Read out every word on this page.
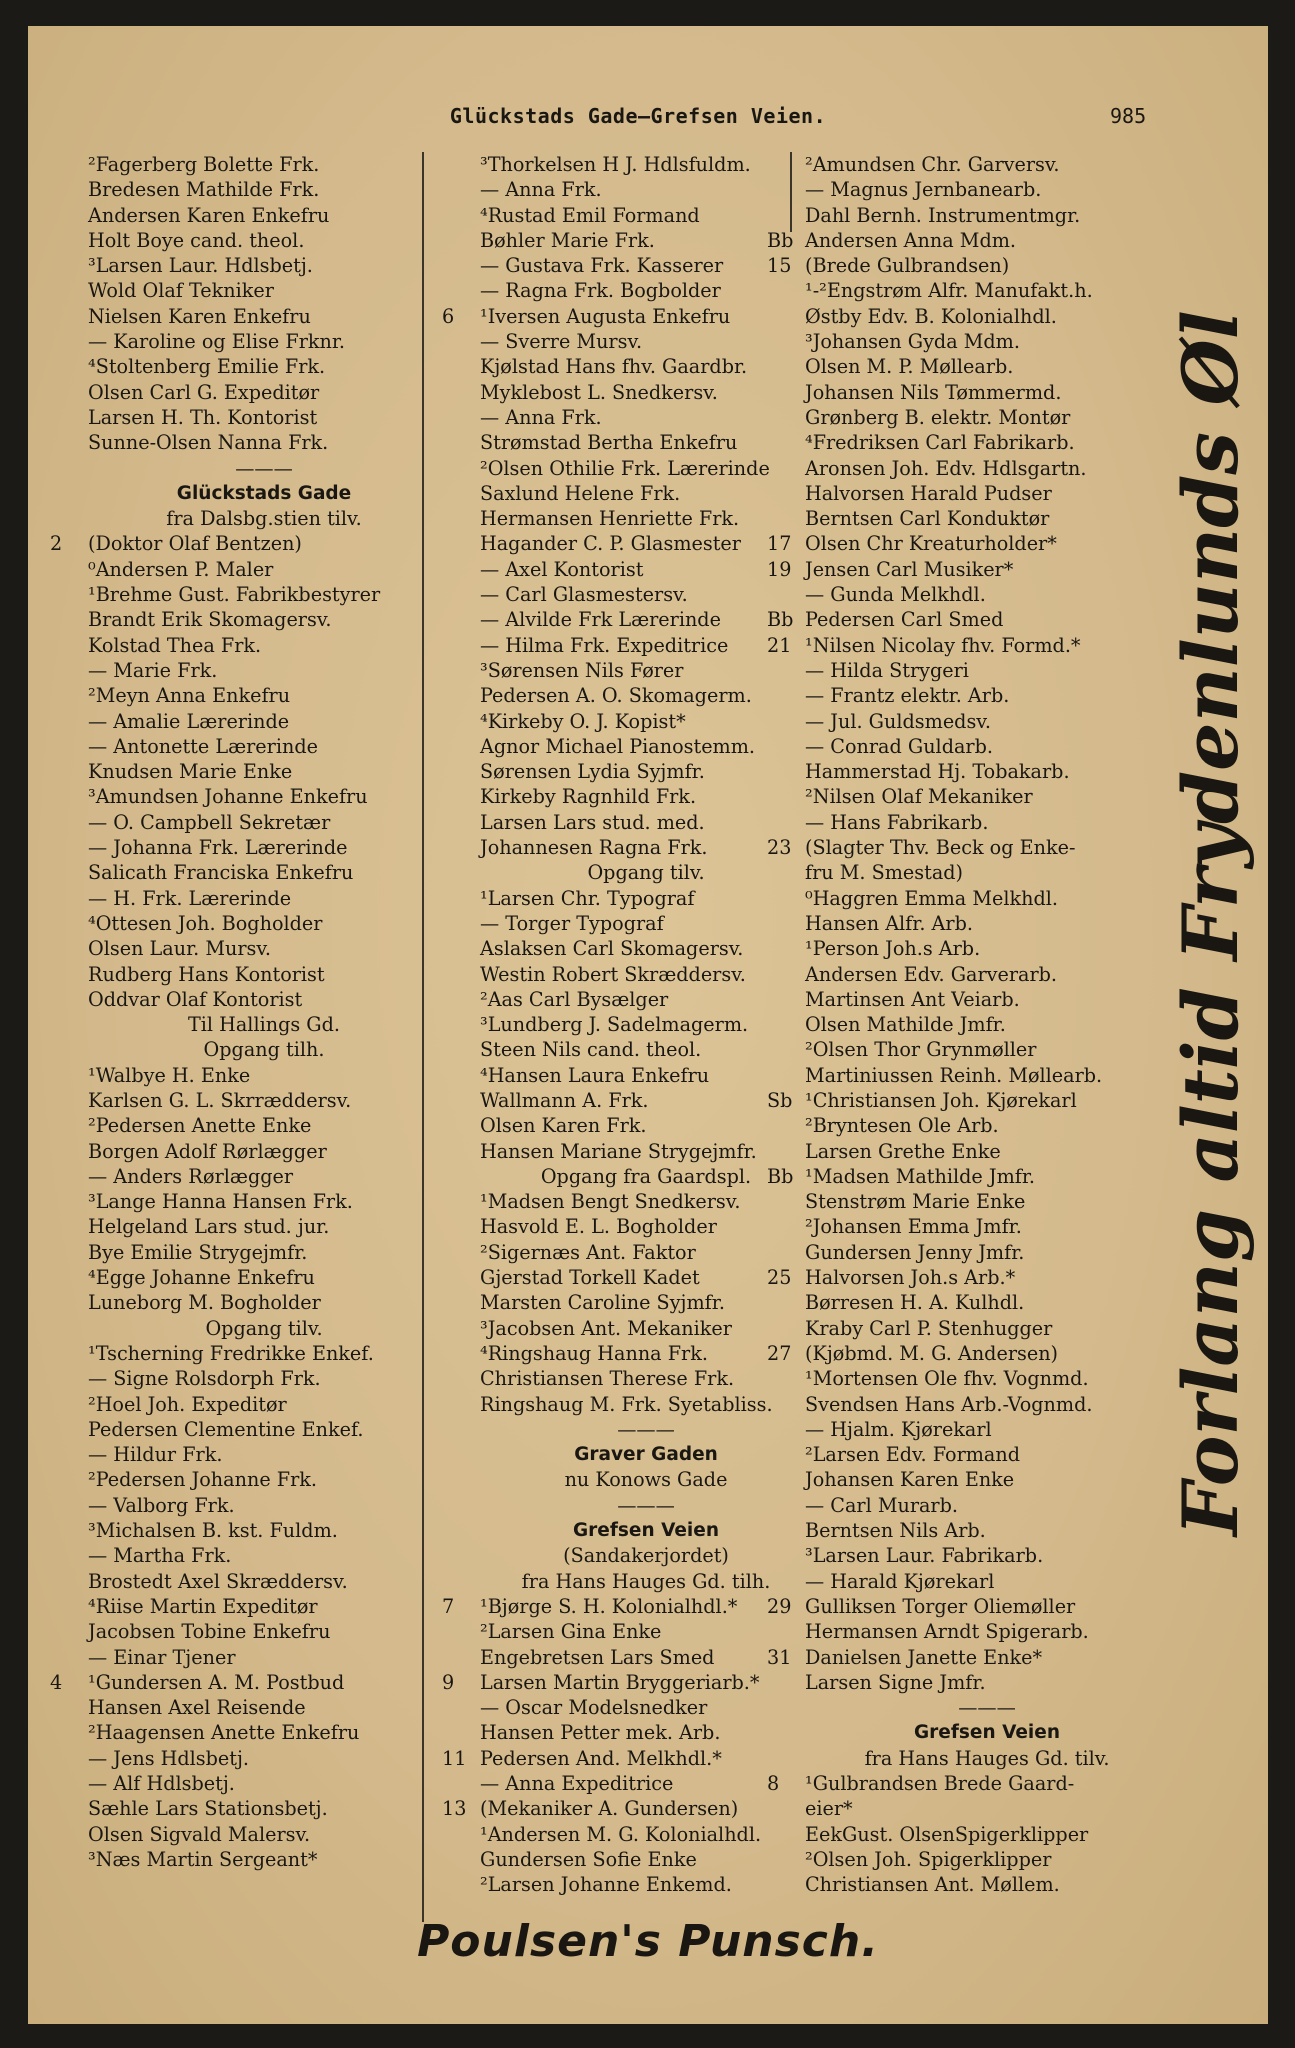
Glückstads Gade—Grefsen Veien.	985
²Fagerberg Bolette Frk.
Bredesen Mathilde Frk.
Andersen Karen Enkefru
Holt Boye cand. theol.
³Larsen Laur. Hdlsbetj.
Wold Olaf Tekniker
Nielsen Karen Enkefru
— Karoline og Elise Frknr.
⁴Stoltenberg Emilie Frk.
Olsen Carl G. Expeditør
Larsen H. Th. Kontorist
Sunne-Olsen Nanna Frk.
———
Glückstads Gade
fra Dalsbg.stien tilv.
2	(Doktor Olaf Bentzen)
⁰Andersen P. Maler
¹Brehme Gust. Fabrikbestyrer
Brandt Erik Skomagersv.
Kolstad Thea Frk.
— Marie Frk.
²Meyn Anna Enkefru
— Amalie Lærerinde
— Antonette Lærerinde
Knudsen Marie Enke
³Amundsen Johanne Enkefru
— O. Campbell Sekretær
— Johanna Frk. Lærerinde
Salicath Franciska Enkefru
— H. Frk. Lærerinde
⁴Ottesen Joh. Bogholder
Olsen Laur. Mursv.
Rudberg Hans Kontorist
Oddvar Olaf Kontorist
Til Hallings Gd.
Opgang tilh.
¹Walbye H. Enke
Karlsen G. L. Skrræddersv.
²Pedersen Anette Enke
Borgen Adolf Rørlægger
— Anders Rørlægger
³Lange Hanna Hansen Frk.
Helgeland Lars stud. jur.
Bye Emilie Strygejmfr.
⁴Egge Johanne Enkefru
Luneborg M. Bogholder
Opgang tilv.
¹Tscherning Fredrikke Enkef.
— Signe Rolsdorph Frk.
²Hoel Joh. Expeditør
Pedersen Clementine Enkef.
— Hildur Frk.
²Pedersen Johanne Frk.
— Valborg Frk.
³Michalsen B. kst. Fuldm.
— Martha Frk.
Brostedt Axel Skræddersv.
⁴Riise Martin Expeditør
Jacobsen Tobine Enkefru
— Einar Tjener
4	¹Gundersen A. M. Postbud
Hansen Axel Reisende
²Haagensen Anette Enkefru
— Jens Hdlsbetj.
— Alf Hdlsbetj.
Sæhle Lars Stationsbetj.
Olsen Sigvald Malersv.
³Næs Martin Sergeant*
³Thorkelsen H J. Hdlsfuldm.
— Anna Frk.
⁴Rustad Emil Formand
Bøhler Marie Frk.
— Gustava Frk. Kasserer
— Ragna Frk. Bogbolder
6	¹Iversen Augusta Enkefru
— Sverre Mursv.
Kjølstad Hans fhv. Gaardbr.
Myklebost L. Snedkersv.
— Anna Frk.
Strømstad Bertha Enkefru
²Olsen Othilie Frk. Lærerinde
Saxlund Helene Frk.
Hermansen Henriette Frk.
Hagander C. P. Glasmester
— Axel Kontorist
— Carl Glasmestersv.
— Alvilde Frk Lærerinde
— Hilma Frk. Expeditrice
³Sørensen Nils Fører
Pedersen A. O. Skomagerm.
⁴Kirkeby O. J. Kopist*
Agnor Michael Pianostemm.
Sørensen Lydia Syjmfr.
Kirkeby Ragnhild Frk.
Larsen Lars stud. med.
Johannesen Ragna Frk.
Opgang tilv.
¹Larsen Chr. Typograf
— Torger Typograf
Aslaksen Carl Skomagersv.
Westin Robert Skræddersv.
²Aas Carl Bysælger
³Lundberg J. Sadelmagerm.
Steen Nils cand. theol.
⁴Hansen Laura Enkefru
Wallmann A. Frk.
Olsen Karen Frk.
Hansen Mariane Strygejmfr.
Opgang fra Gaardspl.
¹Madsen Bengt Snedkersv.
Hasvold E. L. Bogholder
²Sigernæs Ant. Faktor
Gjerstad Torkell Kadet
Marsten Caroline Syjmfr.
³Jacobsen Ant. Mekaniker
⁴Ringshaug Hanna Frk.
Christiansen Therese Frk.
Ringshaug M. Frk. Syetabliss.
———
Graver Gaden
nu Konows Gade
———
Grefsen Veien
(Sandakerjordet)
fra Hans Hauges Gd. tilh.
7	¹Bjørge S. H. Kolonialhdl.*
²Larsen Gina Enke
Engebretsen Lars Smed
9	Larsen Martin Bryggeriarb.*
— Oscar Modelsnedker
Hansen Petter mek. Arb.
11 Pedersen And. Melkhdl.*
— Anna Expeditrice
13 (Mekaniker A. Gundersen)
¹Andersen M. G. Kolonialhdl.
Gundersen Sofie Enke
²Larsen Johanne Enkemd.
²Amundsen Chr. Garversv.
— Magnus Jernbanearb.
Dahl Bernh. Instrumentmgr.
Bb Andersen Anna Mdm.
15 (Brede Gulbrandsen)
¹-²Engstrøm Alfr. Manufakt.h.
Østby Edv. B. Kolonialhdl.
³Johansen Gyda Mdm.
Olsen M. P. Møllearb.
Johansen Nils Tømmermd.
Grønberg B. elektr. Montør
⁴Fredriksen Carl Fabrikarb.
Aronsen Joh. Edv. Hdlsgartn.
Halvorsen Harald Pudser
Berntsen Carl Konduktør
17 Olsen Chr Kreaturholder*
19 Jensen Carl Musiker*
— Gunda Melkhdl.
Bb Pedersen Carl Smed
21 ¹Nilsen Nicolay fhv. Formd.*
— Hilda Strygeri
— Frantz elektr. Arb.
— Jul. Guldsmedsv.
— Conrad Guldarb.
Hammerstad Hj. Tobakarb.
²Nilsen Olaf Mekaniker
— Hans Fabrikarb.
23 (Slagter Thv. Beck og Enke-
fru M. Smestad)
⁰Haggren Emma Melkhdl.
Hansen Alfr. Arb.
¹Person Joh.s Arb.
Andersen Edv. Garverarb.
Martinsen Ant Veiarb.
Olsen Mathilde Jmfr.
²Olsen Thor Grynmøller
Martiniussen Reinh. Møllearb.
Sb ¹Christiansen Joh. Kjørekarl
²Bryntesen Ole Arb.
Larsen Grethe Enke
Bb ¹Madsen Mathilde Jmfr.
Stenstrøm Marie Enke
²Johansen Emma Jmfr.
Gundersen Jenny Jmfr.
25 Halvorsen Joh.s Arb.*
Børresen H. A. Kulhdl.
Kraby Carl P. Stenhugger
27 (Kjøbmd. M. G. Andersen)
¹Mortensen Ole fhv. Vognmd.
Svendsen Hans Arb.-Vognmd.
— Hjalm. Kjørekarl
²Larsen Edv. Formand
Johansen Karen Enke
— Carl Murarb.
Berntsen Nils Arb.
³Larsen Laur. Fabrikarb.
— Harald Kjørekarl
29 Gulliksen Torger Oliemøller
Hermansen Arndt Spigerarb.
31 Danielsen Janette Enke*
Larsen Signe Jmfr.
———
Grefsen Veien
fra Hans Hauges Gd. tilv.
8	¹Gulbrandsen Brede Gaard-
eier*
EekGust. OlsenSpigerklipper
²Olsen Joh. Spigerklipper
Christiansen Ant. Møllem.
Forlang altid Frydenlunds Øl
Poulsen's Punsch.
